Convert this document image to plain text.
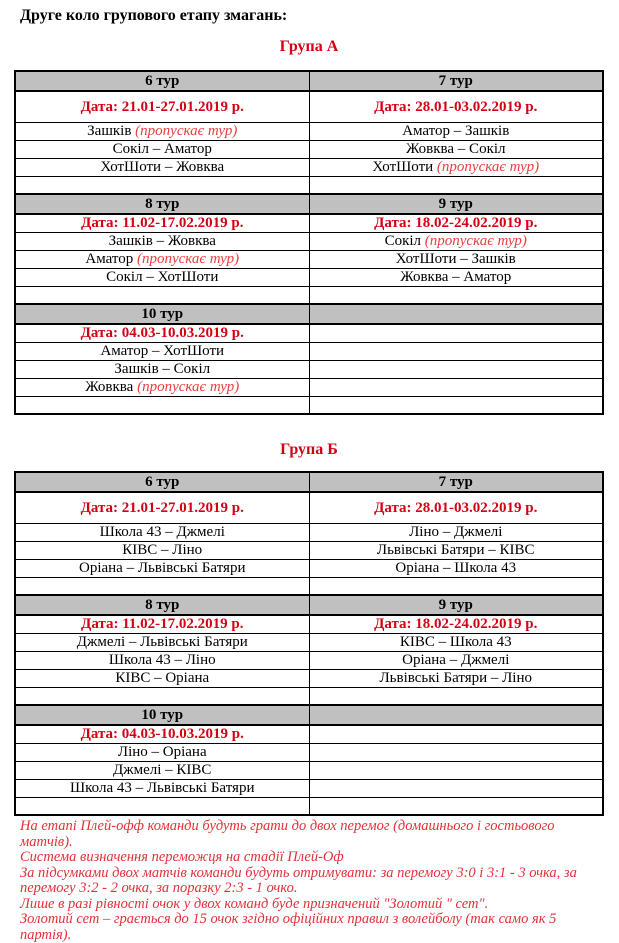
Друге коло групового етапу змагань:
Група А
6 тур	7 тур
Дата: 21.01-27.01.2019 р.	Дата: 28.01-03.02.2019 р.
Зашків (пропускає тур)	Аматор – Зашків
Сокіл – Аматор	Жовква – Сокіл
ХотШоти – Жовква	ХотШоти (пропускає тур)

8 тур	9 тур
Дата: 11.02-17.02.2019 р.	Дата: 18.02-24.02.2019 р.
Зашків – Жовква	Сокіл (пропускає тур)
Аматор (пропускає тур)	ХотШоти – Зашків
Сокіл – ХотШоти	Жовква – Аматор

10 тур	
Дата: 04.03-10.03.2019 р.	
Аматор – ХотШоти	
Зашків – Сокіл	
Жовква (пропускає тур)	

Група Б
6 тур	7 тур
Дата: 21.01-27.01.2019 р.	Дата: 28.01-03.02.2019 р.
Школа 43 – Джмелі	Ліно – Джмелі
КІВС – Ліно	Львівські Батяри – КІВС
Оріана – Львівські Батяри	Оріана – Школа 43

8 тур	9 тур
Дата: 11.02-17.02.2019 р.	Дата: 18.02-24.02.2019 р.
Джмелі – Львівські Батяри	КІВС – Школа 43
Школа 43 – Ліно	Оріана – Джмелі
КІВС – Оріана	Львівські Батяри – Ліно

10 тур	
Дата: 04.03-10.03.2019 р.	
Ліно – Оріана	
Джмелі – КІВС	
Школа 43 – Львівські Батяри	

На етапі Плей-офф команди будуть грати до двох перемог (домашнього і гостьового матчів).

Система визначення переможця на стадії Плей-Оф

За підсумками двох матчів команди будуть отримувати: за перемогу 3:0 і 3:1 - 3 очка, за перемогу 3:2 - 2 очка, за поразку 2:3 - 1 очко.

Лише в разі рівності очок у двох команд буде призначений "Золотий " сет".

Золотий сет – грається до 15 очок згідно офіційних правил з волейболу (так само як 5 партія).
